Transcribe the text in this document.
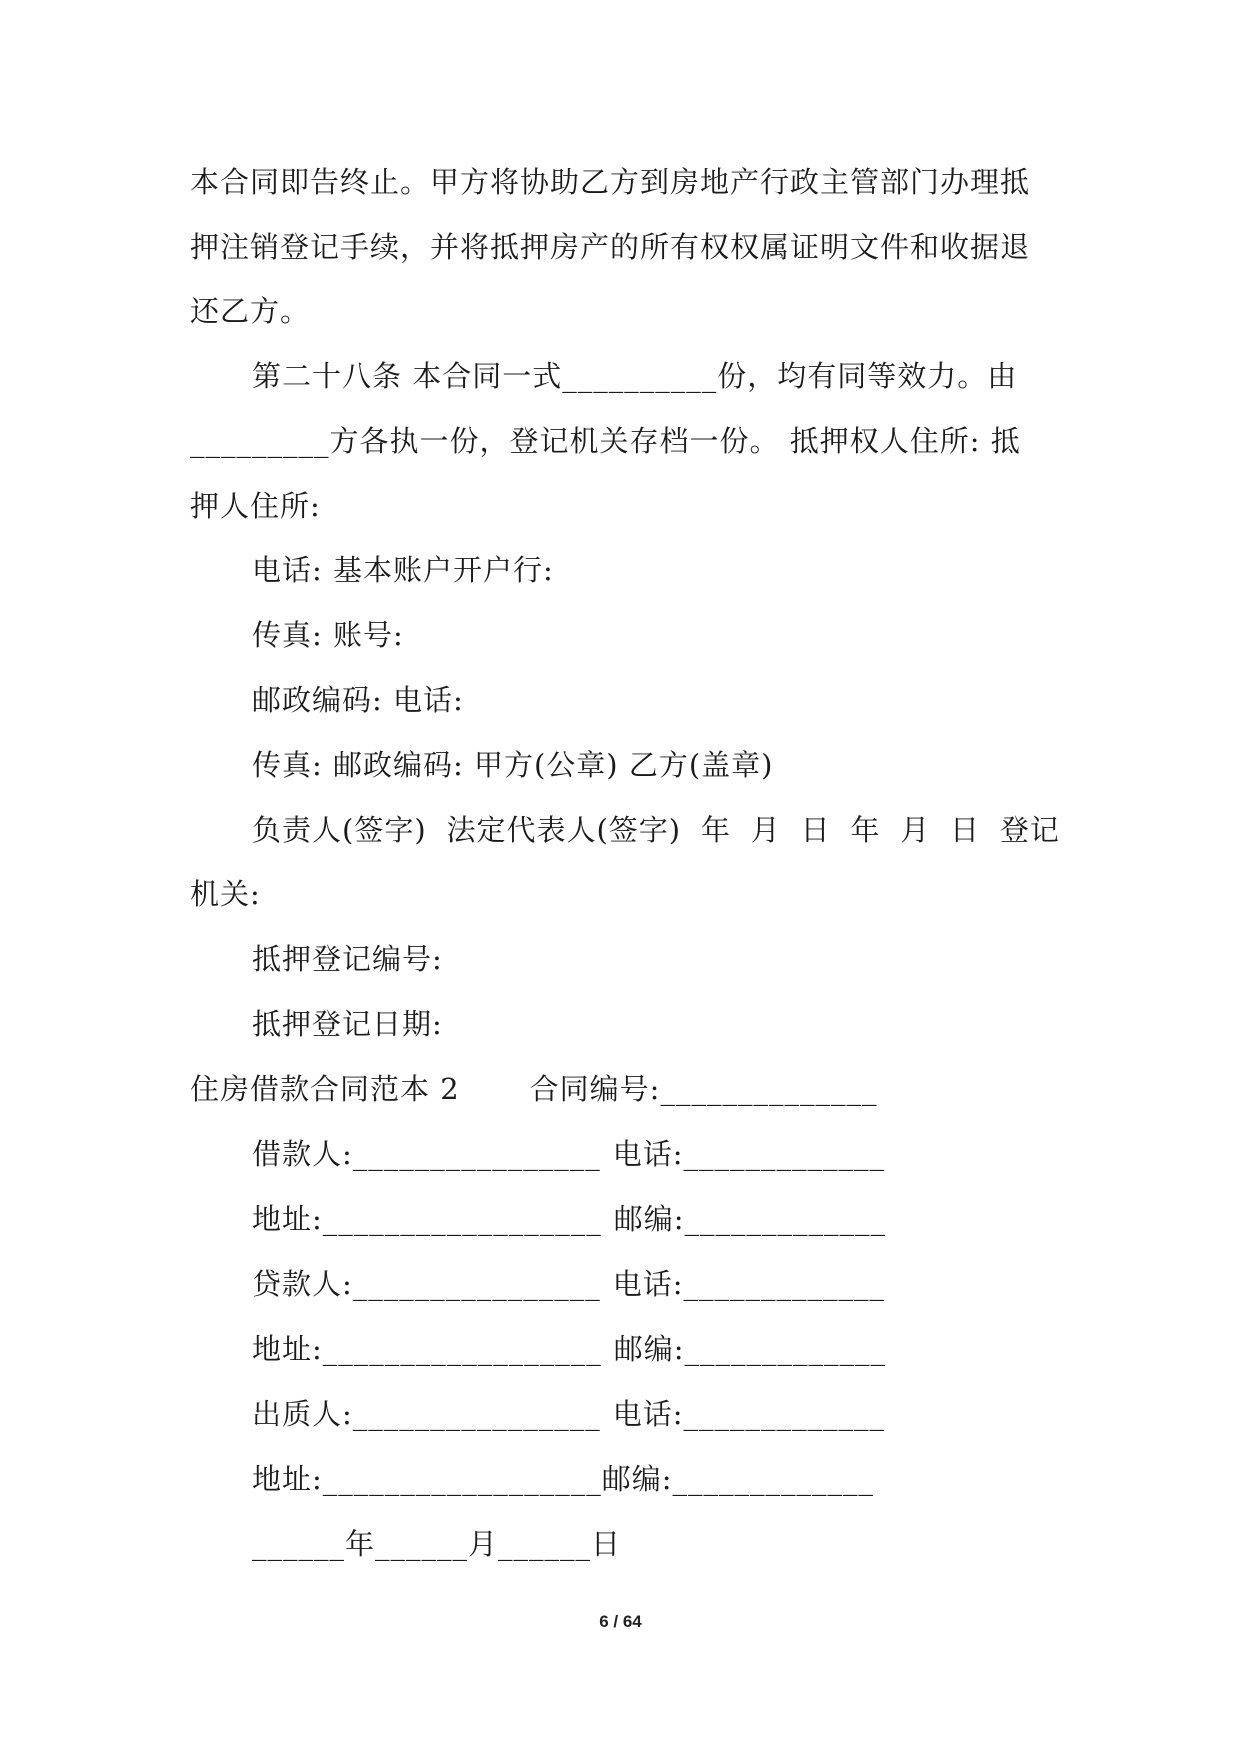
本合同即告终止。甲方将协助乙方到房地产行政主管部门办理抵
押注销登记手续，并将抵押房产的所有权权属证明文件和收据退
还乙方。
第二十八条 本合同一式__________份，均有同等效力。由
_________方各执一份，登记机关存档一份。 抵押权人住所: 抵
押人住所:
电话: 基本账户开户行:
传真: 账号:
邮政编码: 电话:
传真: 邮政编码: 甲方(公章) 乙方(盖章)
负责人(签字) 法定代表人(签字) 年 月 日 年 月 日 登记
机关:
抵押登记编号:
抵押登记日期:
住房借款合同范本 2 合同编号:______________
借款人:________________ 电话:_____________
地址:__________________ 邮编:_____________
贷款人:________________ 电话:_____________
地址:__________________ 邮编:_____________
出质人:________________ 电话:_____________
地址:__________________邮编:_____________
______年______月______日
6 / 64
